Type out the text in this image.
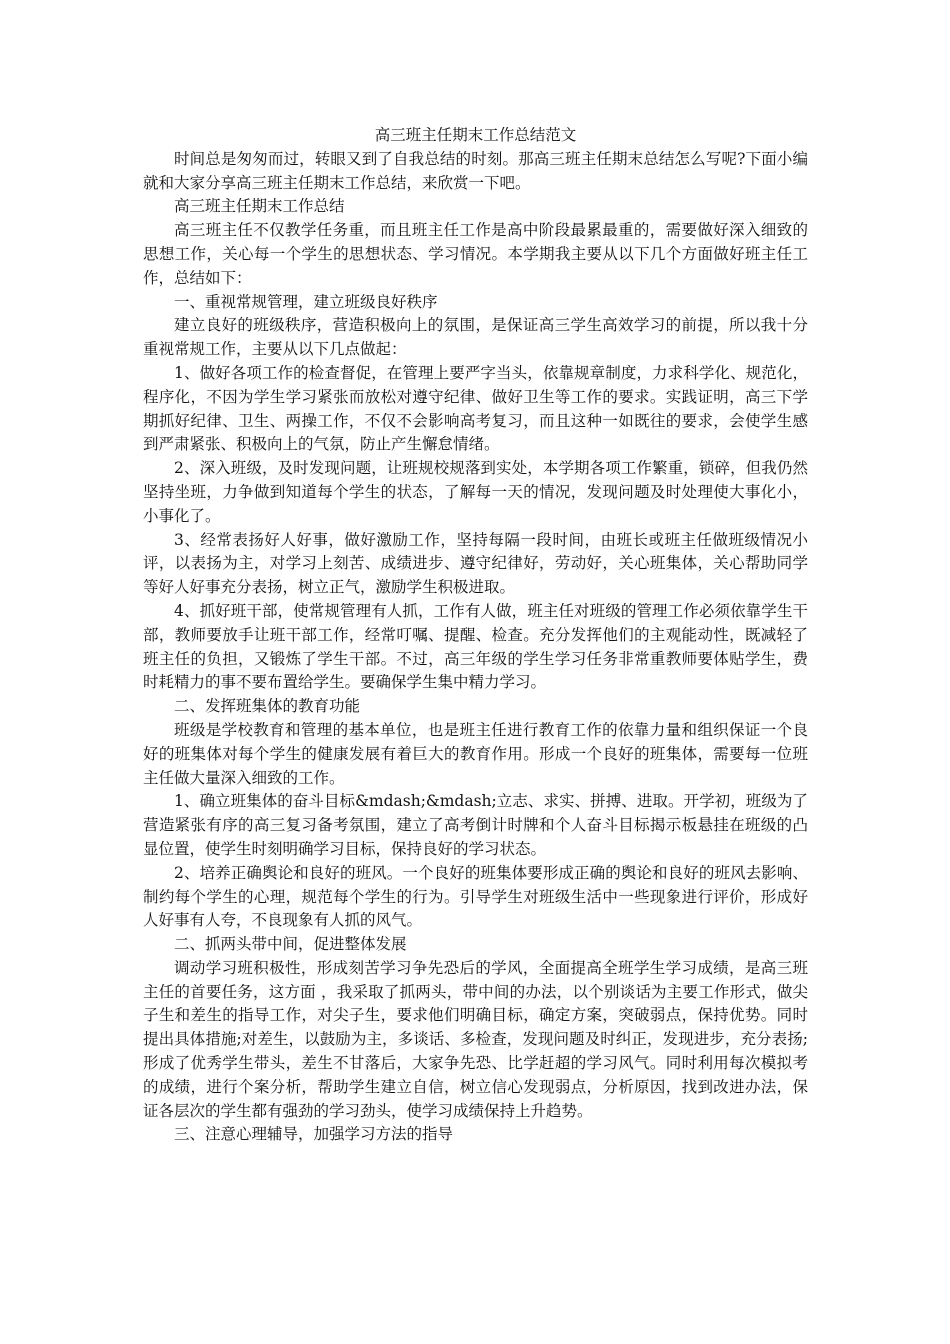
高三班主任期末工作总结范文

时间总是匆匆而过，转眼又到了自我总结的时刻。那高三班主任期末总结怎么写呢?下面小编就和大家分享高三班主任期末工作总结，来欣赏一下吧。

高三班主任期末工作总结

高三班主任不仅教学任务重，而且班主任工作是高中阶段最累最重的，需要做好深入细致的思想工作，关心每一个学生的思想状态、学习情况。本学期我主要从以下几个方面做好班主任工作，总结如下：

一、重视常规管理，建立班级良好秩序

建立良好的班级秩序，营造积极向上的氛围，是保证高三学生高效学习的前提，所以我十分重视常规工作，主要从以下几点做起：

1、做好各项工作的检查督促，在管理上要严字当头，依靠规章制度，力求科学化、规范化，程序化，不因为学生学习紧张而放松对遵守纪律、做好卫生等工作的要求。实践证明，高三下学期抓好纪律、卫生、两操工作，不仅不会影响高考复习，而且这种一如既往的要求，会使学生感到严肃紧张、积极向上的气氛，防止产生懈怠情绪。

2、深入班级，及时发现问题，让班规校规落到实处，本学期各项工作繁重，锁碎，但我仍然坚持坐班，力争做到知道每个学生的状态，了解每一天的情况，发现问题及时处理使大事化小，小事化了。

3、经常表扬好人好事，做好激励工作，坚持每隔一段时间，由班长或班主任做班级情况小评，以表扬为主，对学习上刻苦、成绩进步、遵守纪律好，劳动好，关心班集体，关心帮助同学等好人好事充分表扬，树立正气，激励学生积极进取。

4、抓好班干部，使常规管理有人抓，工作有人做，班主任对班级的管理工作必须依靠学生干部，教师要放手让班干部工作，经常叮嘱、提醒、检查。充分发挥他们的主观能动性，既减轻了班主任的负担，又锻炼了学生干部。不过，高三年级的学生学习任务非常重教师要体贴学生，费时耗精力的事不要布置给学生。要确保学生集中精力学习。

二、发挥班集体的教育功能

班级是学校教育和管理的基本单位，也是班主任进行教育工作的依靠力量和组织保证一个良好的班集体对每个学生的健康发展有着巨大的教育作用。形成一个良好的班集体，需要每一位班主任做大量深入细致的工作。

1、确立班集体的奋斗目标&mdash;&mdash;立志、求实、拼搏、进取。开学初，班级为了营造紧张有序的高三复习备考氛围，建立了高考倒计时牌和个人奋斗目标揭示板悬挂在班级的凸显位置，使学生时刻明确学习目标，保持良好的学习状态。

2、培养正确舆论和良好的班风。一个良好的班集体要形成正确的舆论和良好的班风去影响、制约每个学生的心理，规范每个学生的行为。引导学生对班级生活中一些现象进行评价，形成好人好事有人夸，不良现象有人抓的风气。

二、抓两头带中间，促进整体发展

调动学习班积极性，形成刻苦学习争先恐后的学风，全面提高全班学生学习成绩，是高三班主任的首要任务，这方面 ，我采取了抓两头，带中间的办法，以个别谈话为主要工作形式，做尖子生和差生的指导工作，对尖子生，要求他们明确目标，确定方案，突破弱点，保持优势。同时提出具体措施;对差生，以鼓励为主，多谈话、多检查，发现问题及时纠正，发现进步，充分表扬;形成了优秀学生带头，差生不甘落后，大家争先恐、比学赶超的学习风气。同时利用每次模拟考的成绩，进行个案分析，帮助学生建立自信，树立信心发现弱点，分析原因，找到改进办法，保证各层次的学生都有强劲的学习劲头，使学习成绩保持上升趋势。

三、注意心理辅导，加强学习方法的指导
